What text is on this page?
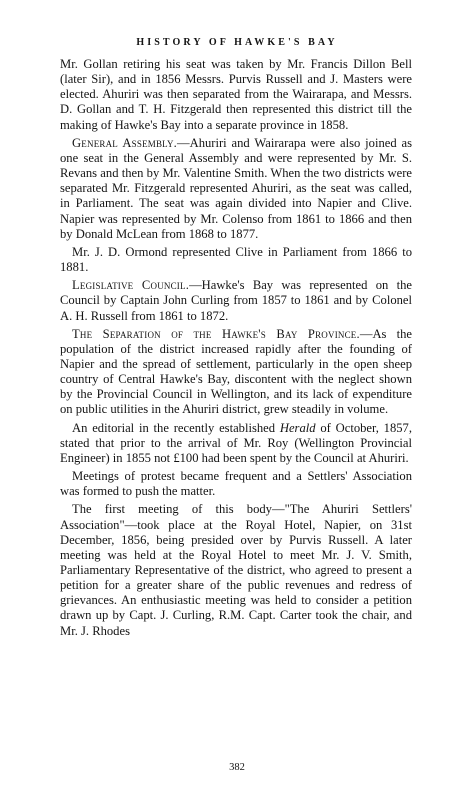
HISTORY OF HAWKE'S BAY

Mr. Gollan retiring his seat was taken by Mr. Francis Dillon Bell (later Sir), and in 1856 Messrs. Purvis Russell and J. Masters were elected. Ahuriri was then separated from the Wairarapa, and Messrs. D. Gollan and T. H. Fitzgerald then represented this district till the making of Hawke's Bay into a separate province in 1858.

General Assembly.—Ahuriri and Wairarapa were also joined as one seat in the General Assembly and were represented by Mr. S. Revans and then by Mr. Valentine Smith. When the two districts were separated Mr. Fitzgerald represented Ahuriri, as the seat was called, in Parliament. The seat was again divided into Napier and Clive. Napier was represented by Mr. Colenso from 1861 to 1866 and then by Donald McLean from 1868 to 1877.

Mr. J. D. Ormond represented Clive in Parliament from 1866 to 1881.

Legislative Council.—Hawke's Bay was represented on the Council by Captain John Curling from 1857 to 1861 and by Colonel A. H. Russell from 1861 to 1872.

The Separation of the Hawke's Bay Province.—As the population of the district increased rapidly after the founding of Napier and the spread of settlement, particularly in the open sheep country of Central Hawke's Bay, discontent with the neglect shown by the Provincial Council in Wellington, and its lack of expenditure on public utilities in the Ahuriri district, grew steadily in volume.

An editorial in the recently established Herald of October, 1857, stated that prior to the arrival of Mr. Roy (Wellington Provincial Engineer) in 1855 not £100 had been spent by the Council at Ahuriri.

Meetings of protest became frequent and a Settlers' Association was formed to push the matter.

The first meeting of this body—"The Ahuriri Settlers' Association"—took place at the Royal Hotel, Napier, on 31st December, 1856, being presided over by Purvis Russell. A later meeting was held at the Royal Hotel to meet Mr. J. V. Smith, Parliamentary Representative of the district, who agreed to present a petition for a greater share of the public revenues and redress of grievances. An enthusiastic meeting was held to consider a petition drawn up by Capt. J. Curling, R.M. Capt. Carter took the chair, and Mr. J. Rhodes

382
